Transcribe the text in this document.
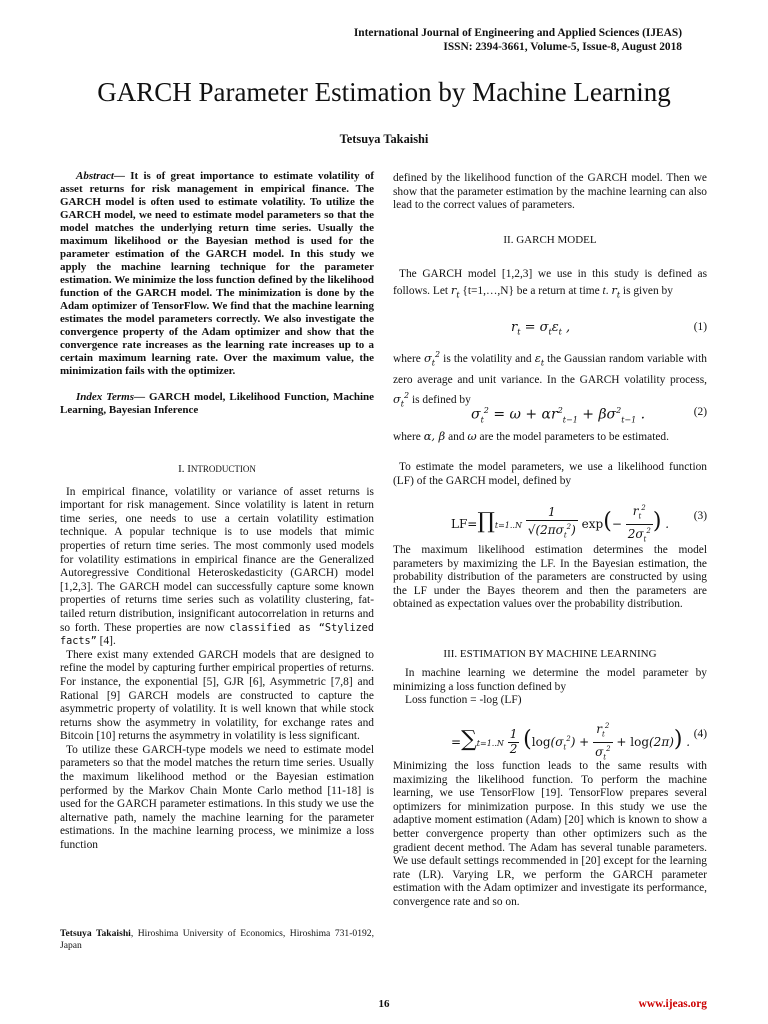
International Journal of Engineering and Applied Sciences (IJEAS)
ISSN: 2394-3661, Volume-5, Issue-8, August 2018
GARCH Parameter Estimation by Machine Learning
Tetsuya Takaishi

Abstract— It is of great importance to estimate volatility of asset returns for risk management in empirical finance. The GARCH model is often used to estimate volatility. To utilize the GARCH model, we need to estimate model parameters so that the model matches the underlying return time series. Usually the maximum likelihood or the Bayesian method is used for the parameter estimation of the GARCH model. In this study we apply the machine learning technique for the parameter estimation. We minimize the loss function defined by the likelihood function of the GARCH model. The minimization is done by the Adam optimizer of TensorFlow. We find that the machine learning estimates the model parameters correctly. We also investigate the convergence property of the Adam optimizer and show that the convergence rate increases as the learning rate increases up to a certain maximum learning rate. Over the maximum value, the minimization fails with the optimizer.

Index Terms— GARCH model, Likelihood Function, Machine Learning, Bayesian Inference

I. INTRODUCTION

In empirical finance, volatility or variance of asset returns is important for risk management. Since volatility is latent in return time series, one needs to use a certain volatility estimation technique. A popular technique is to use models that mimic properties of return time series. The most commonly used models for volatility estimations in empirical finance are the Generalized Autoregressive Conditional Heteroskedasticity (GARCH) model [1,2,3]. The GARCH model can successfully capture some known properties of returns time series such as volatility clustering, fat-tailed return distribution, insignificant autocorrelation in returns and so forth. These properties are now classified as “Stylized facts” [4].

There exist many extended GARCH models that are designed to refine the model by capturing further empirical properties of returns. For instance, the exponential [5], GJR [6], Asymmetric [7,8] and Rational [9] GARCH models are constructed to capture the asymmetric property of volatility. It is well known that while stock returns show the asymmetry in volatility, for exchange rates and Bitcoin [10] returns the asymmetry in volatility is less significant.

To utilize these GARCH-type models we need to estimate model parameters so that the model matches the return time series. Usually the maximum likelihood method or the Bayesian estimation performed by the Markov Chain Monte Carlo method [11-18] is used for the GARCH parameter estimations. In this study we use the alternative path, namely the machine learning for the parameter estimations. In the machine learning process, we minimize a loss function

Tetsuya Takaishi, Hiroshima University of Economics, Hiroshima 731-0192, Japan

defined by the likelihood function of the GARCH model. Then we show that the parameter estimation by the machine learning can also lead to the correct values of parameters.

II. GARCH MODEL

The GARCH model [1,2,3] we use in this study is defined as follows. Let $r_t$ {t=1,…,N} be a return at time t. $r_t$ is given by

$r_t = \sigma_t\varepsilon_t$ ,	(1)

where $\sigma_t^2$ is the volatility and $\varepsilon_t$ the Gaussian random variable with zero average and unit variance. In the GARCH volatility process, $\sigma_t^2$ is defined by

$\sigma_t^2 = \omega + \alpha r^2_{t-1} + \beta\sigma^2_{t-1}$ .	(2)

where α, β and ω are the model parameters to be estimated.

To estimate the model parameters, we use a likelihood function (LF) of the GARCH model, defined by

LF=∏t=1..N $\frac{1}{√(2\pi\sigma_t^2)} \exp(- \frac{r_t^2}{2\sigma_t^2}$ ) .
(3)

The maximum likelihood estimation determines the model parameters by maximizing the LF. In the Bayesian estimation, the probability distribution of the parameters are constructed by using the LF under the Bayes theorem and then the parameters are obtained as expectation values over the probability distribution.

III. ESTIMATION BY MACHINE LEARNING

In machine learning we determine the model parameter by minimizing a loss function defined by

Loss function = -log (LF)

$=\sum t=1..N \frac{1}{2} (\log(\sigma_t^2) + \frac{r_t^2}{\sigma_t^2} + \log(2\pi))$ .
(4)

Minimizing the loss function leads to the same results with maximizing the likelihood function. To perform the machine learning, we use TensorFlow [19]. TensorFlow prepares several optimizers for minimization purpose. In this study we use the adaptive moment estimation (Adam) [20] which is known to show a better convergence property than other optimizers such as the gradient decent method. The Adam has several tunable parameters. We use default settings recommended in [20] except for the learning rate (LR). Varying LR, we perform the GARCH parameter estimation with the Adam optimizer and investigate its performance, convergence rate and so on.

16	www.ijeas.org
